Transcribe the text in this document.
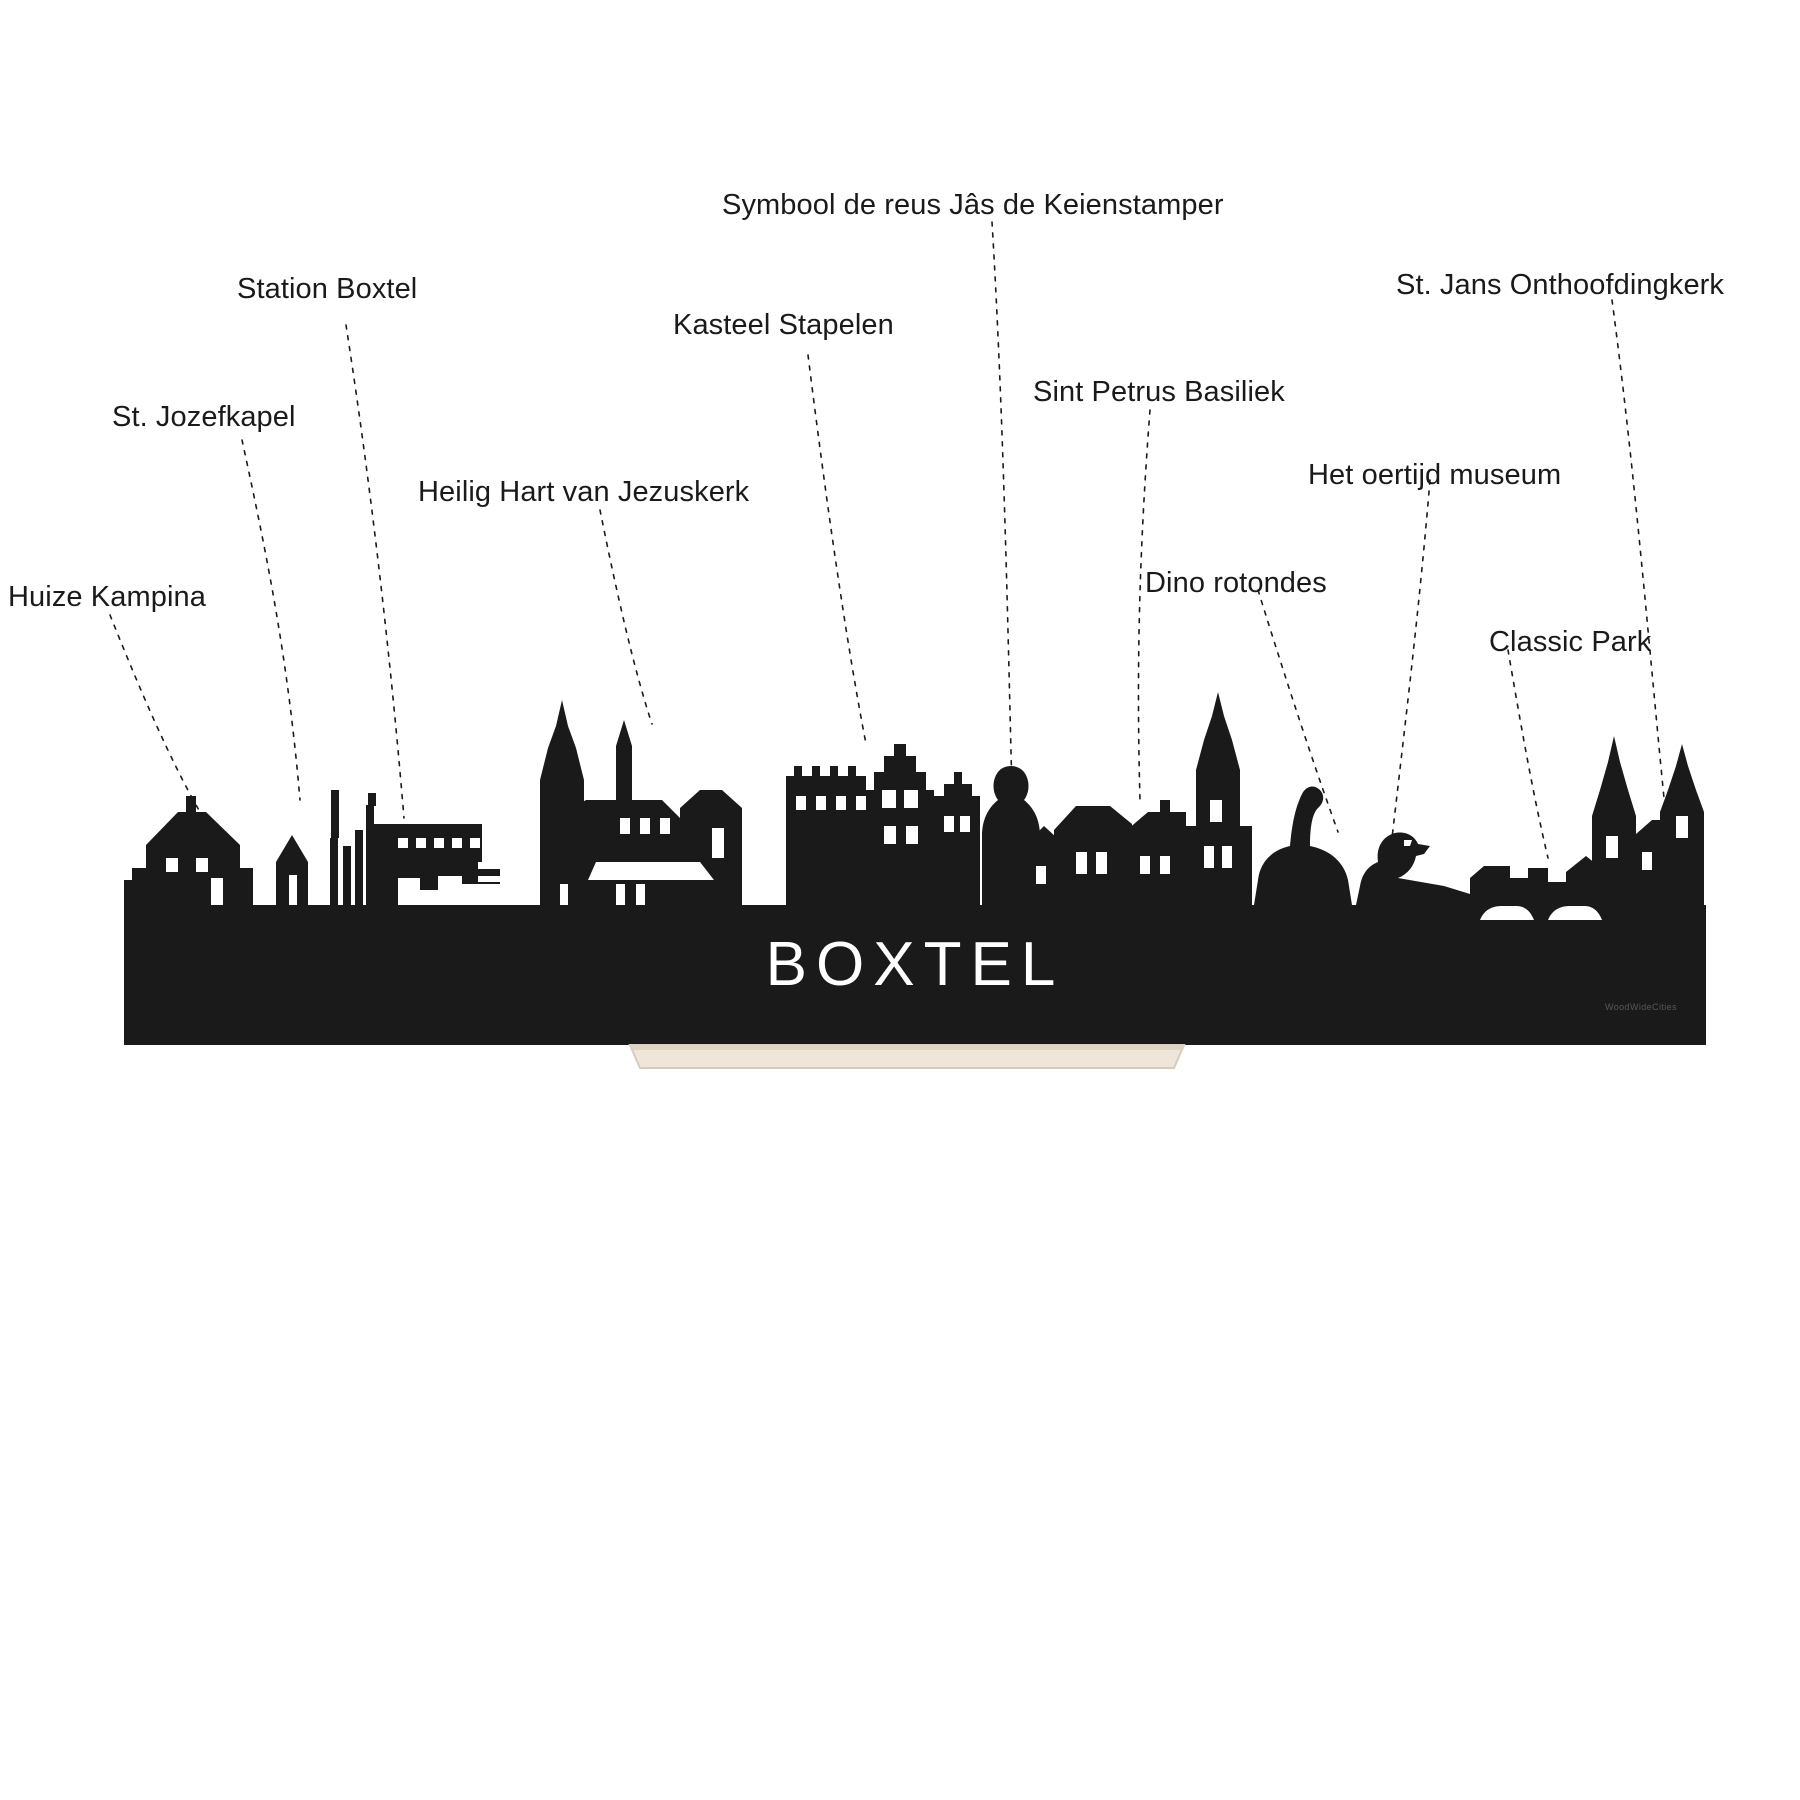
BOXTEL
Huize Kampina
St. Jozefkapel
Station Boxtel
Heilig Hart van Jezuskerk
Kasteel Stapelen
Symbool de reus Jâs de Keienstamper
Sint Petrus Basiliek
Dino rotondes
Het oertijd museum
St. Jans Onthoofdingkerk
Classic Park
WoodWideCities
